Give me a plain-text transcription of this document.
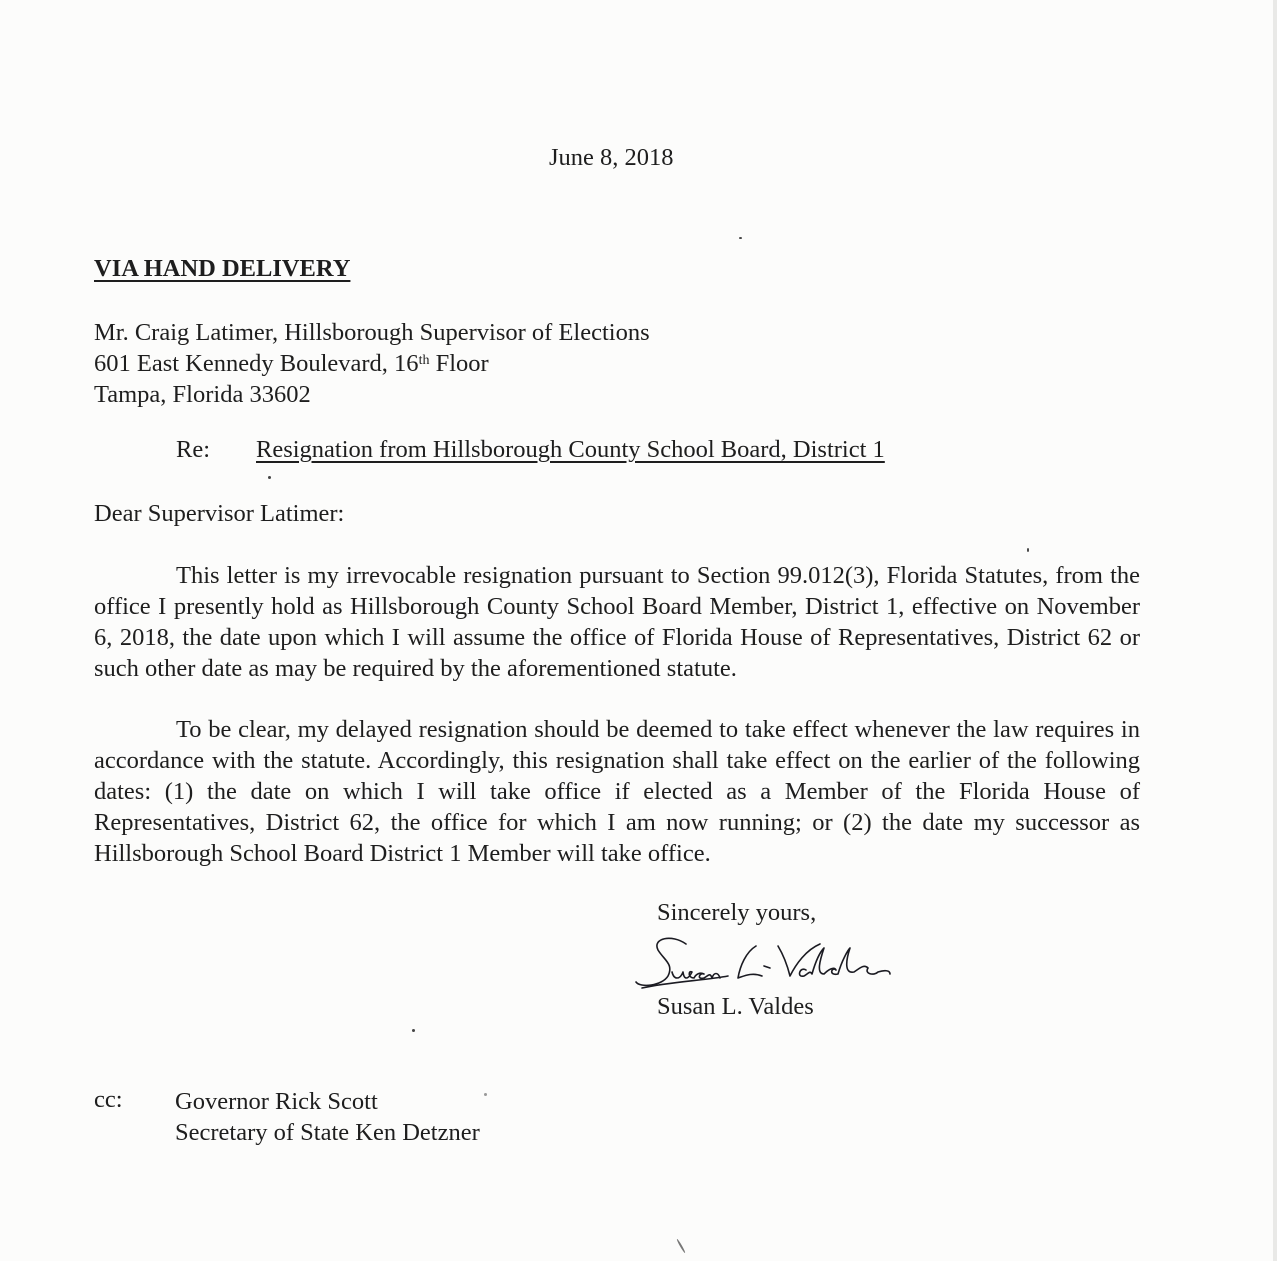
June 8, 2018
VIA HAND DELIVERY
Mr. Craig Latimer, Hillsborough Supervisor of Elections
601 East Kennedy Boulevard, 16th Floor
Tampa, Florida 33602
Re: Resignation from Hillsborough County School Board, District 1
Dear Supervisor Latimer:
This letter is my irrevocable resignation pursuant to Section 99.012(3), Florida Statutes, from the office I presently hold as Hillsborough County School Board Member, District 1, effective on November 6, 2018, the date upon which I will assume the office of Florida House of Representatives, District 62 or such other date as may be required by the aforementioned statute.
To be clear, my delayed resignation should be deemed to take effect whenever the law requires in accordance with the statute. Accordingly, this resignation shall take effect on the earlier of the following dates: (1) the date on which I will take office if elected as a Member of the Florida House of Representatives, District 62, the office for which I am now running; or (2) the date my successor as Hillsborough School Board District 1 Member will take office.
Sincerely yours,
Susan L. Valdes
cc: Governor Rick Scott
Secretary of State Ken Detzner
